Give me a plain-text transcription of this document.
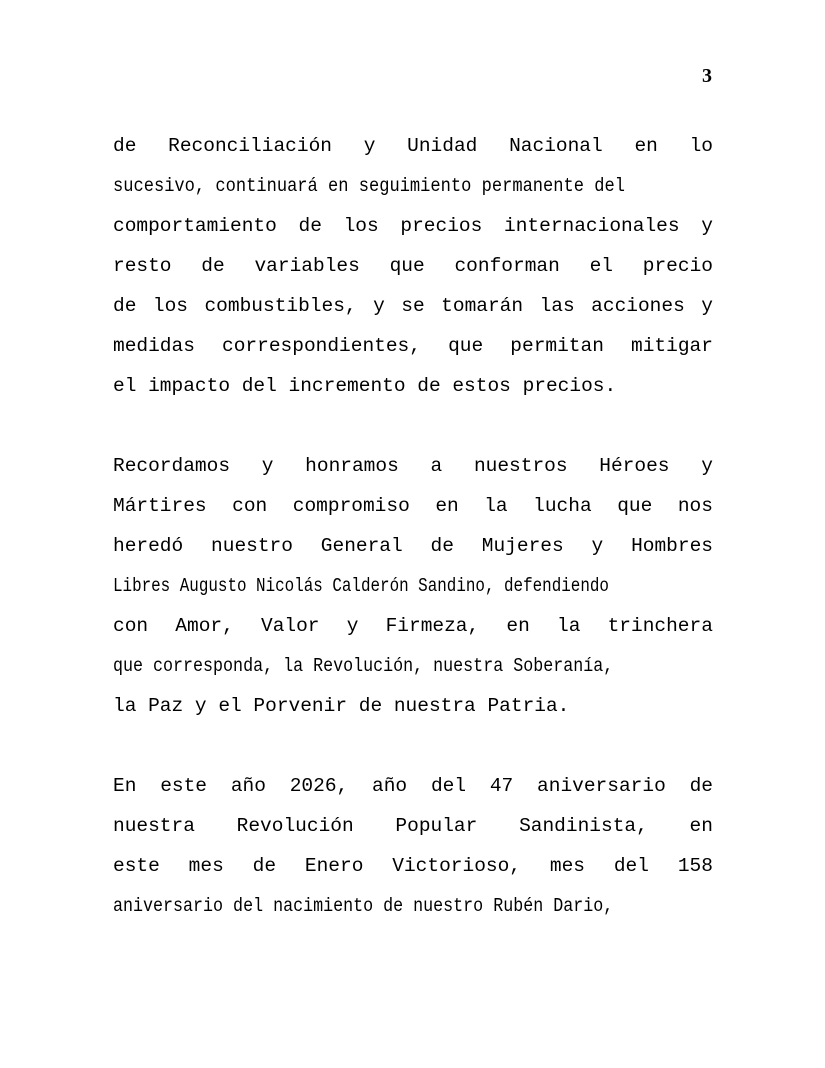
3

de Reconciliación y Unidad Nacional en lo
sucesivo, continuará en seguimiento permanente del
comportamiento de los precios internacionales y
resto de variables que conforman el precio
de los combustibles, y se tomarán las acciones y
medidas correspondientes, que permitan mitigar
el impacto del incremento de estos precios.

Recordamos y honramos a nuestros Héroes y
Mártires con compromiso en la lucha que nos
heredó nuestro General de Mujeres y Hombres
Libres Augusto Nicolás Calderón Sandino, defendiendo
con Amor, Valor y Firmeza, en la trinchera
que corresponda, la Revolución, nuestra Soberanía,
la Paz y el Porvenir de nuestra Patria.

En este año 2026, año del 47 aniversario de
nuestra Revolución Popular Sandinista, en
este mes de Enero Victorioso, mes del 158
aniversario del nacimiento de nuestro Rubén Dario,
